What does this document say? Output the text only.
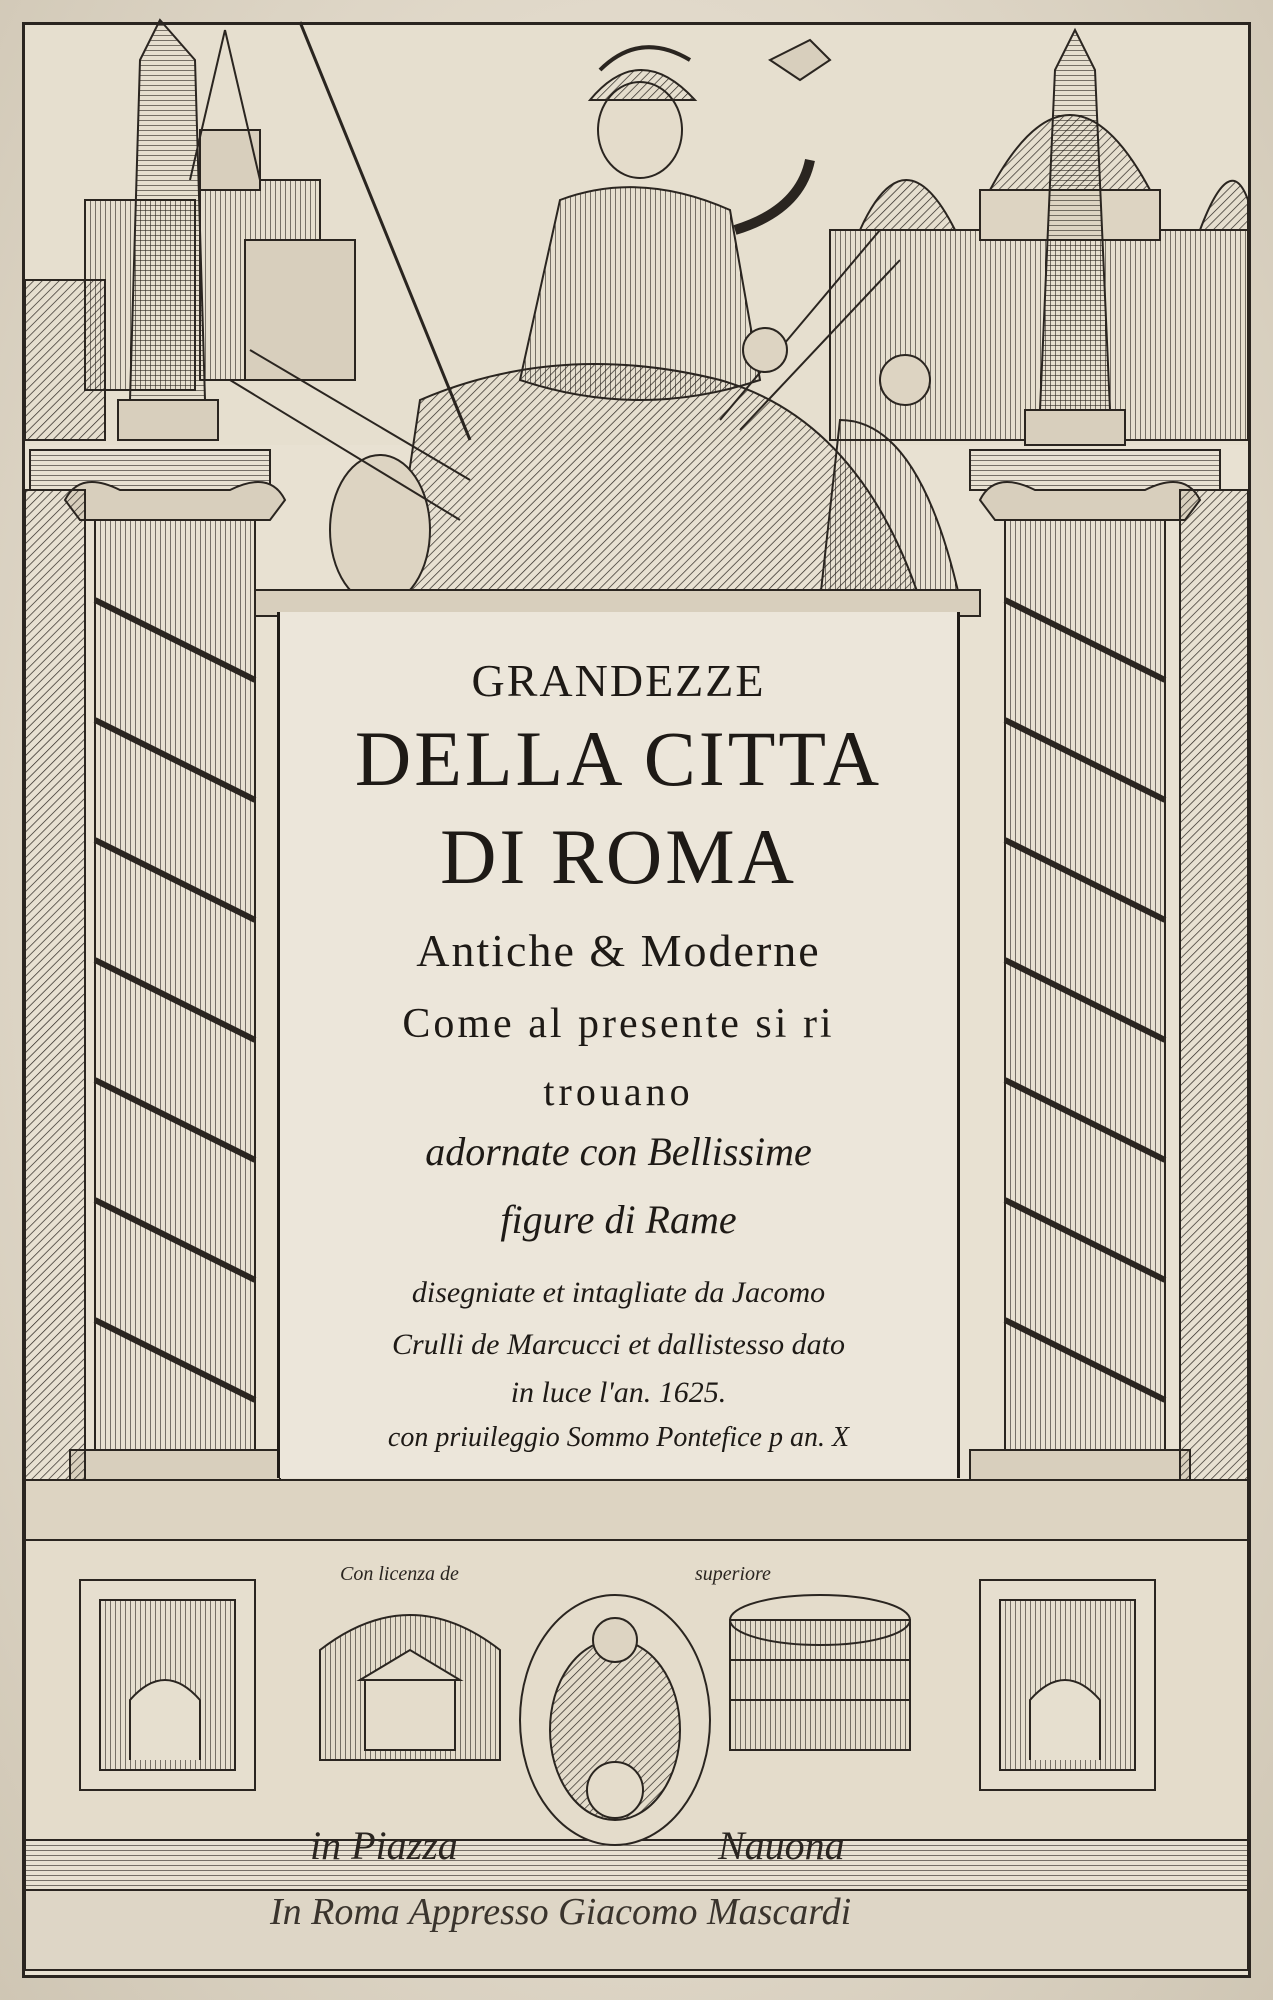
GRANDEZZE
DELLA CITTA
DI ROMA
Antiche & Moderne
Come al presente si ri
trouano
adornate con Bellissime
figure di Rame
disegniate et intagliate da Jacomo
Crulli de Marcucci et dallistesso dato
in luce l'an. 1625.
con priuileggio Sommo Pontefice p an. X
Con licenza de	superiore
in Piazza	Nauona
In Roma Appresso Giacomo Mascardi
